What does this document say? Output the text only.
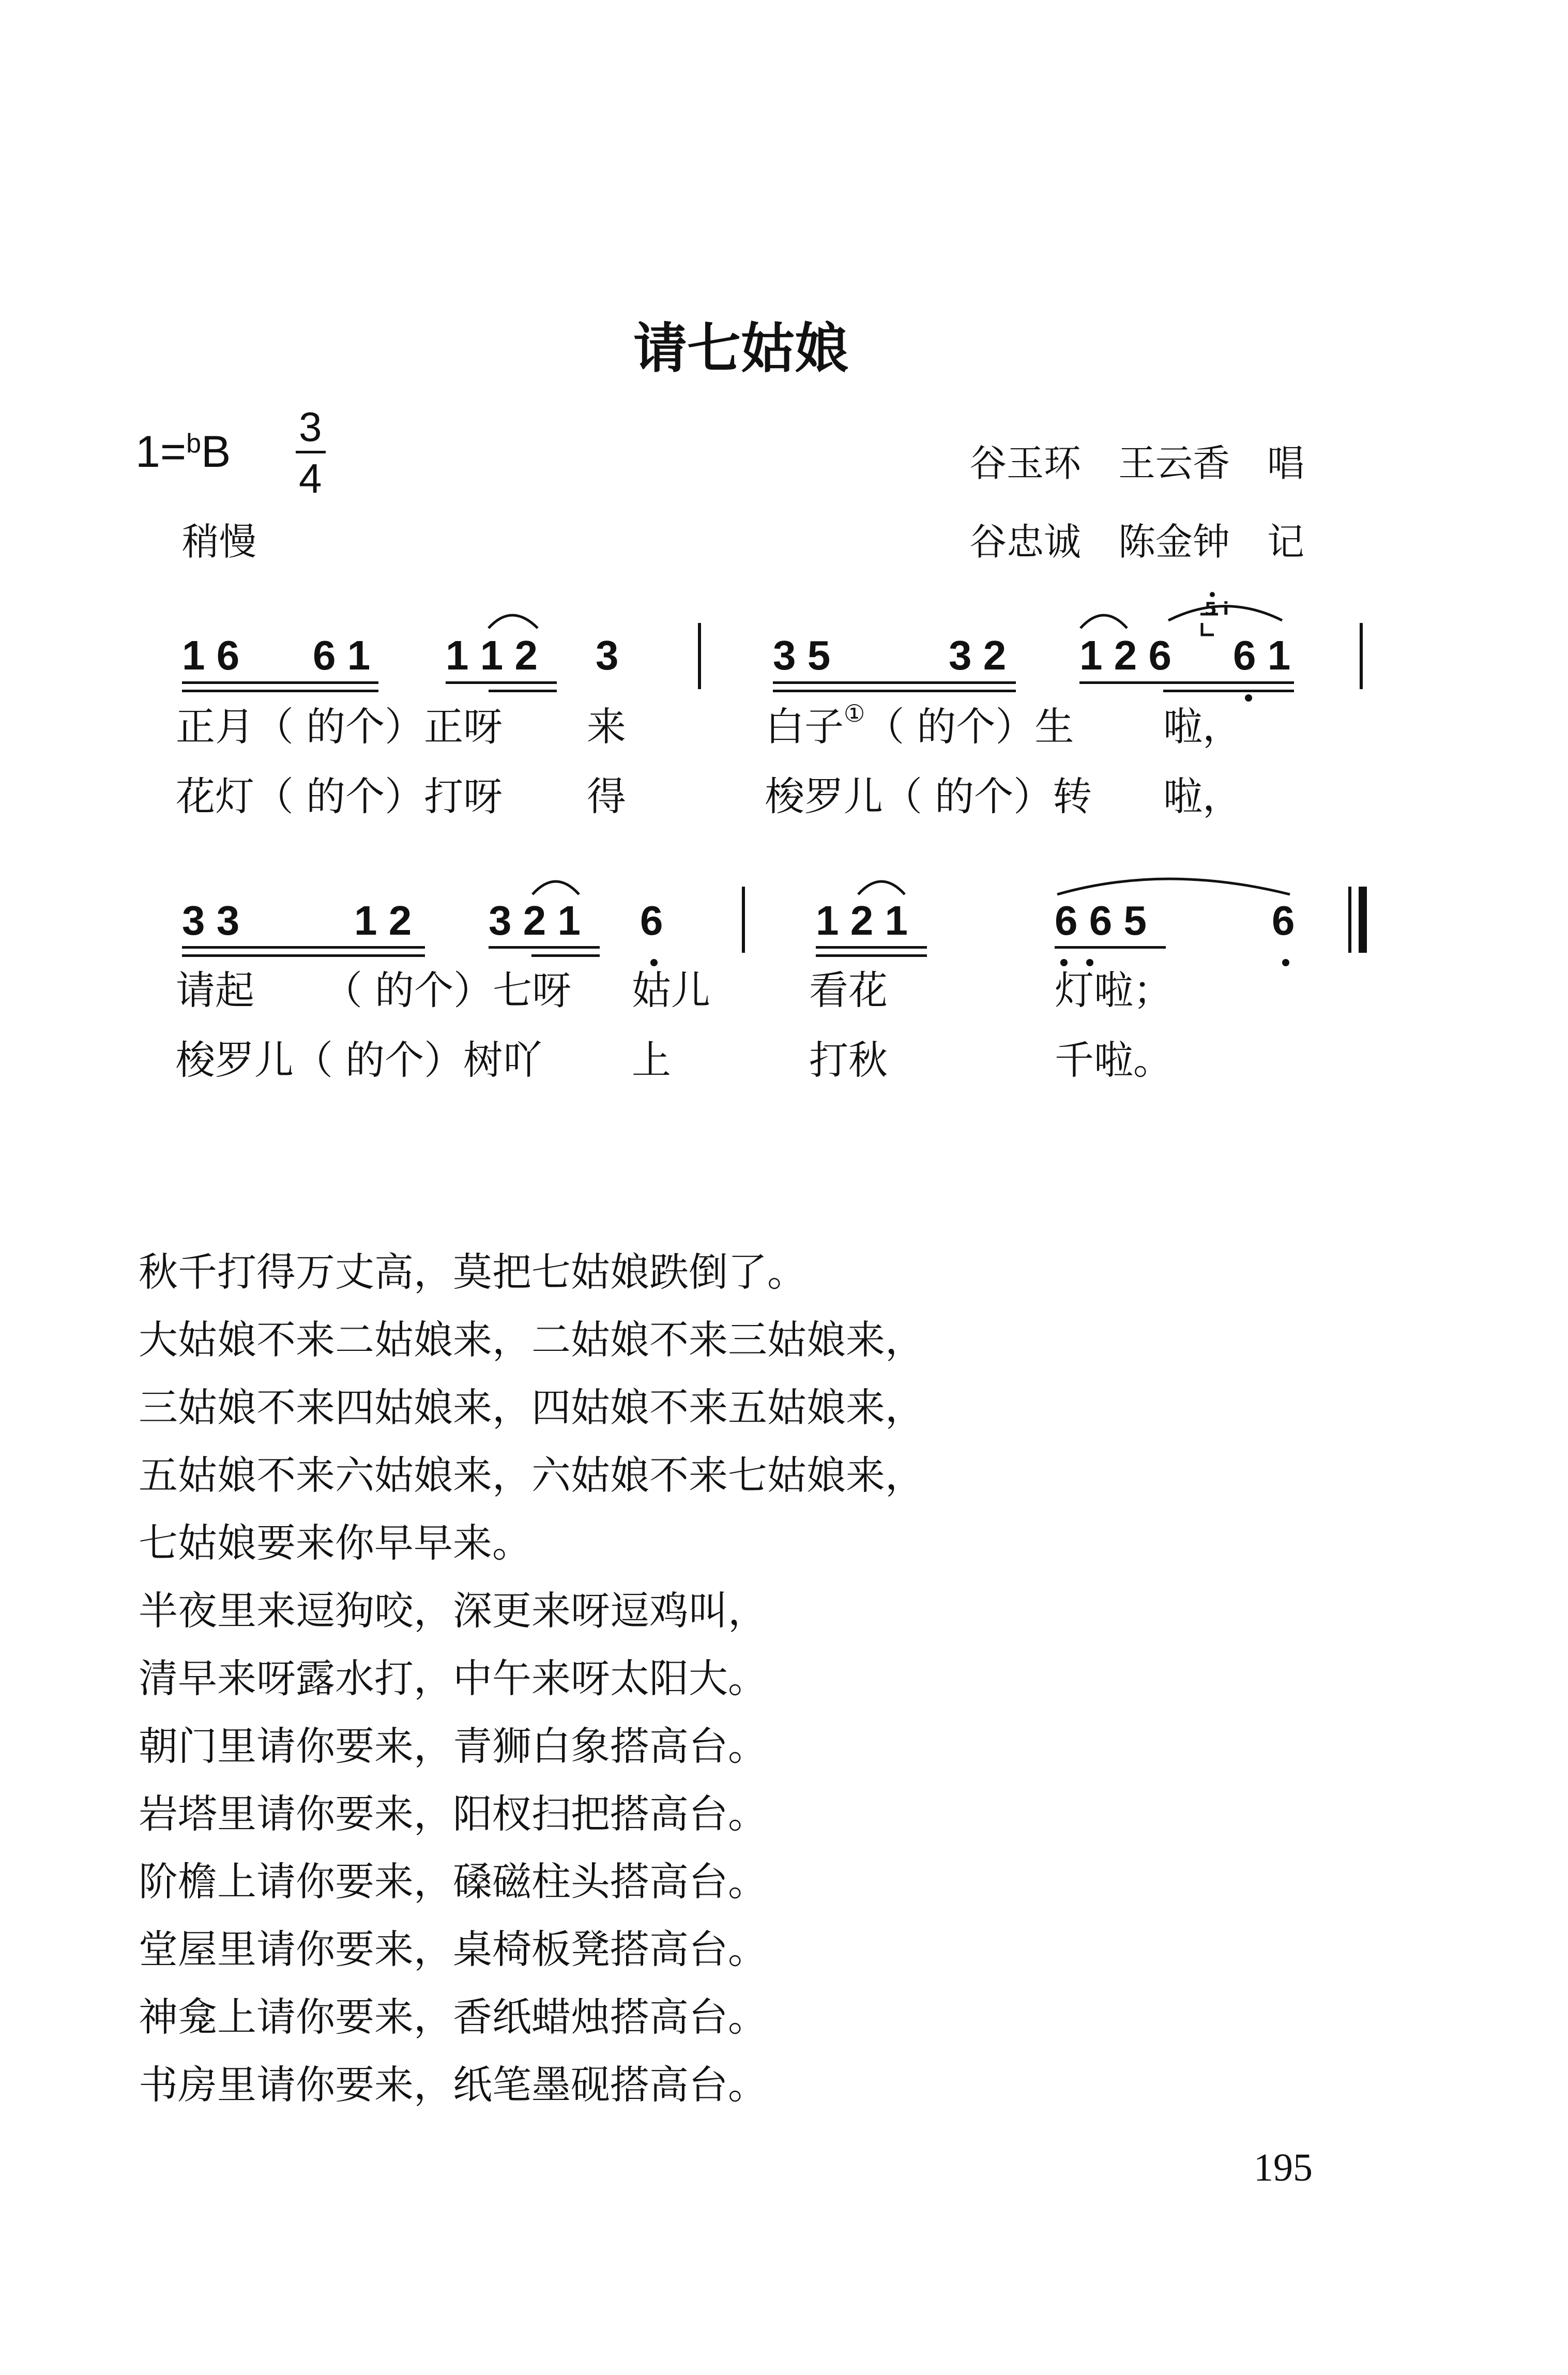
请七姑娘
1=$^b$B
3
4
稍慢
谷玉环　王云香　唱
谷忠诚　陈金钟　记
1 6 6 1 1 1 2 3	3 5	3 2 1 2 6 6 1
5 i
正月（ 的个）正呀 来	白子①（ 的个）生 啦，
花灯（ 的个）打呀 得	梭罗儿（ 的个）转 啦，
3 3	1 2 3 2 1 6	1 2 1	6 6 5	6
请起 （ 的个）七呀 姑儿	看花	灯啦；
梭罗儿（ 的个）树吖 上	打秋	千啦。
秋千打得万丈高，莫把七姑娘跌倒了。
大姑娘不来二姑娘来，二姑娘不来三姑娘来，
三姑娘不来四姑娘来，四姑娘不来五姑娘来，
五姑娘不来六姑娘来，六姑娘不来七姑娘来，
七姑娘要来你早早来。
半夜里来逗狗咬，深更来呀逗鸡叫，
清早来呀露水打，中午来呀太阳大。
朝门里请你要来，青狮白象搭高台。
岩塔里请你要来，阳杈扫把搭高台。
阶檐上请你要来，磉磁柱头搭高台。
堂屋里请你要来，桌椅板凳搭高台。
神龛上请你要来，香纸蜡烛搭高台。
书房里请你要来，纸笔墨砚搭高台。
195
